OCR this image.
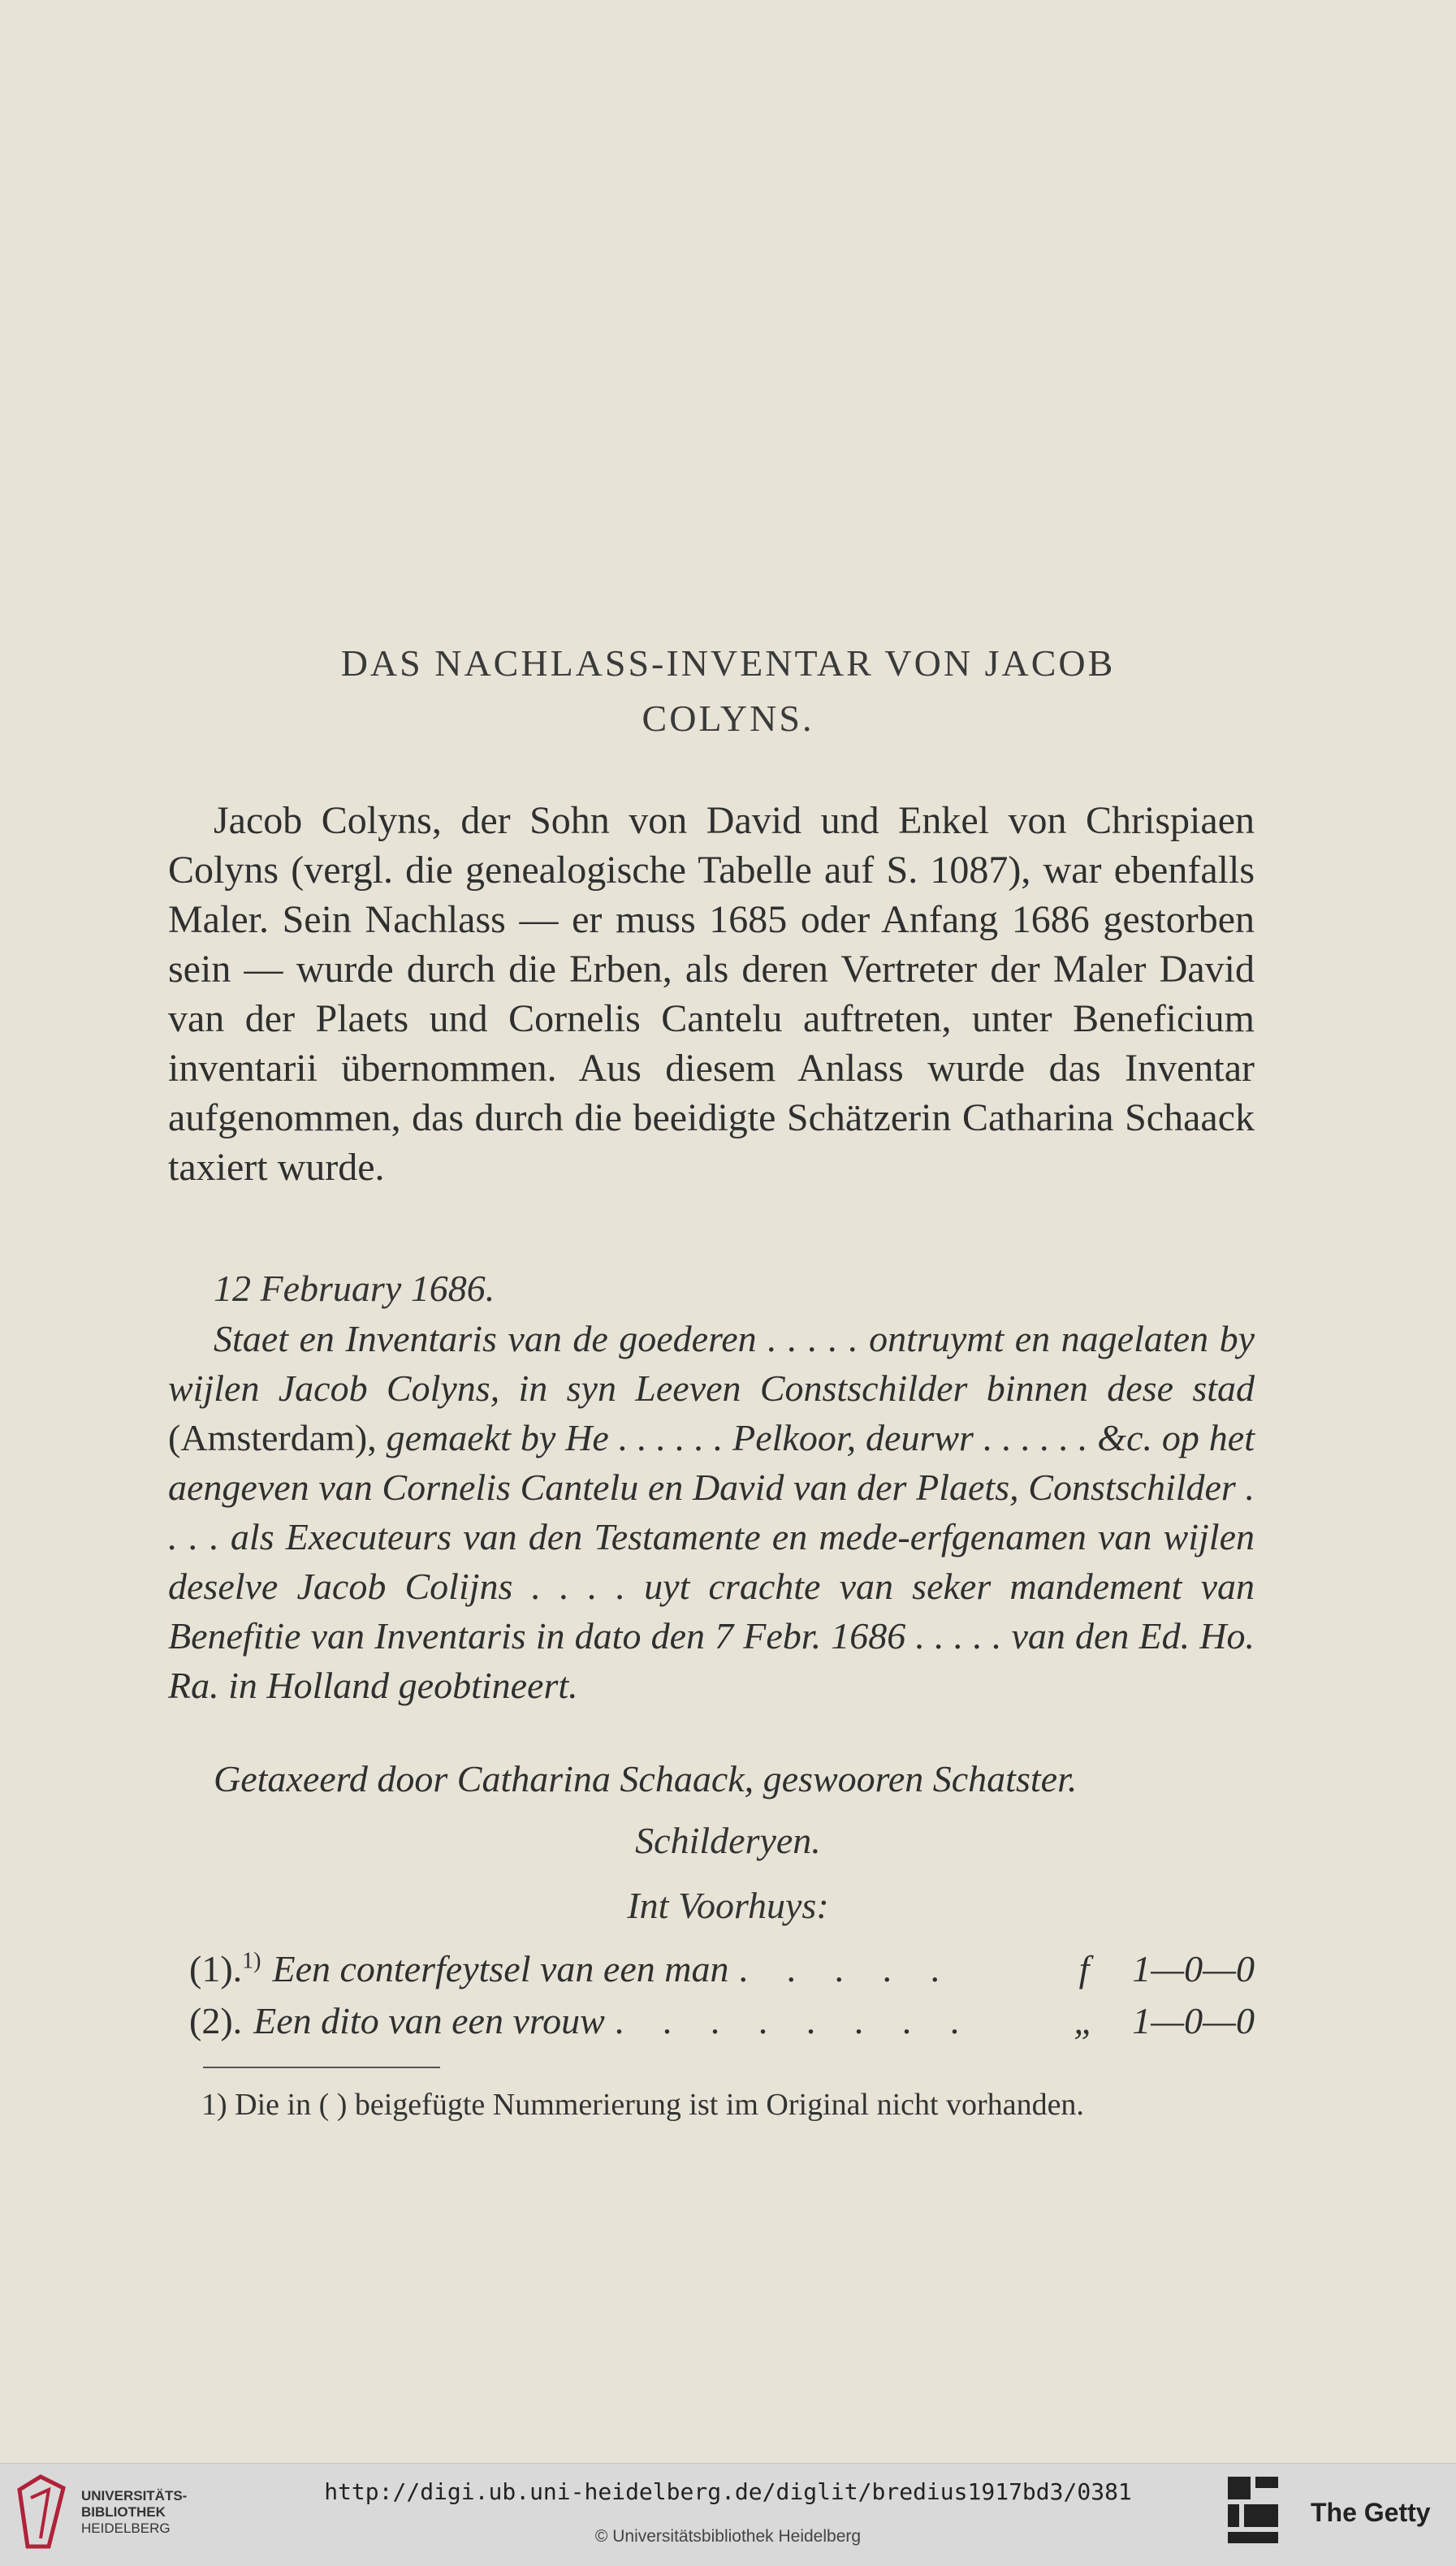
DAS NACHLASS-INVENTAR VON JACOB
COLYNS.

Jacob Colyns, der Sohn von David und Enkel von Chrispiaen Colyns (vergl. die genealogische Tabelle auf S. 1087), war ebenfalls Maler. Sein Nachlass — er muss 1685 oder Anfang 1686 gestorben sein — wurde durch die Erben, als deren Vertreter der Maler David van der Plaets und Cornelis Cantelu auftreten, unter Beneficium inventarii übernommen. Aus diesem Anlass wurde das Inventar aufgenommen, das durch die beeidigte Schätzerin Catharina Schaack taxiert wurde.

12 February 1686.
Staet en Inventaris van de goederen . . . . . ontruymt en nagelaten by wijlen Jacob Colyns, in syn Leeven Constschilder binnen dese stad (Amsterdam), gemaekt by He . . . . . . Pelkoor, deurwr . . . . . . &c. op het aengeven van Cornelis Cantelu en David van der Plaets, Constschilder . . . . als Executeurs van den Testamente en mede-erfgenamen van wijlen deselve Jacob Colijns . . . . uyt crachte van seker mandement van Benefitie van Inventaris in dato den 7 Febr. 1686 . . . . . van den Ed. Ho. Ra. in Holland geobtineert.
Getaxeerd door Catharina Schaack, geswooren Schatster.
Schilderyen.
Int Voorhuys:
(1).$^{1)}$ Een conterfeytsel van een man . . . . .	f	1—0—0
(2). Een dito van een vrouw . . . . . . . .	„	1—0—0
1) Die in ( ) beigefügte Nummerierung ist im Original nicht vorhanden.
UNIVERSITÄTS-
BIBLIOTHEK
HEIDELBERG
http://digi.ub.uni-heidelberg.de/diglit/bredius1917bd3/0381
© Universitätsbibliothek Heidelberg
The Getty
